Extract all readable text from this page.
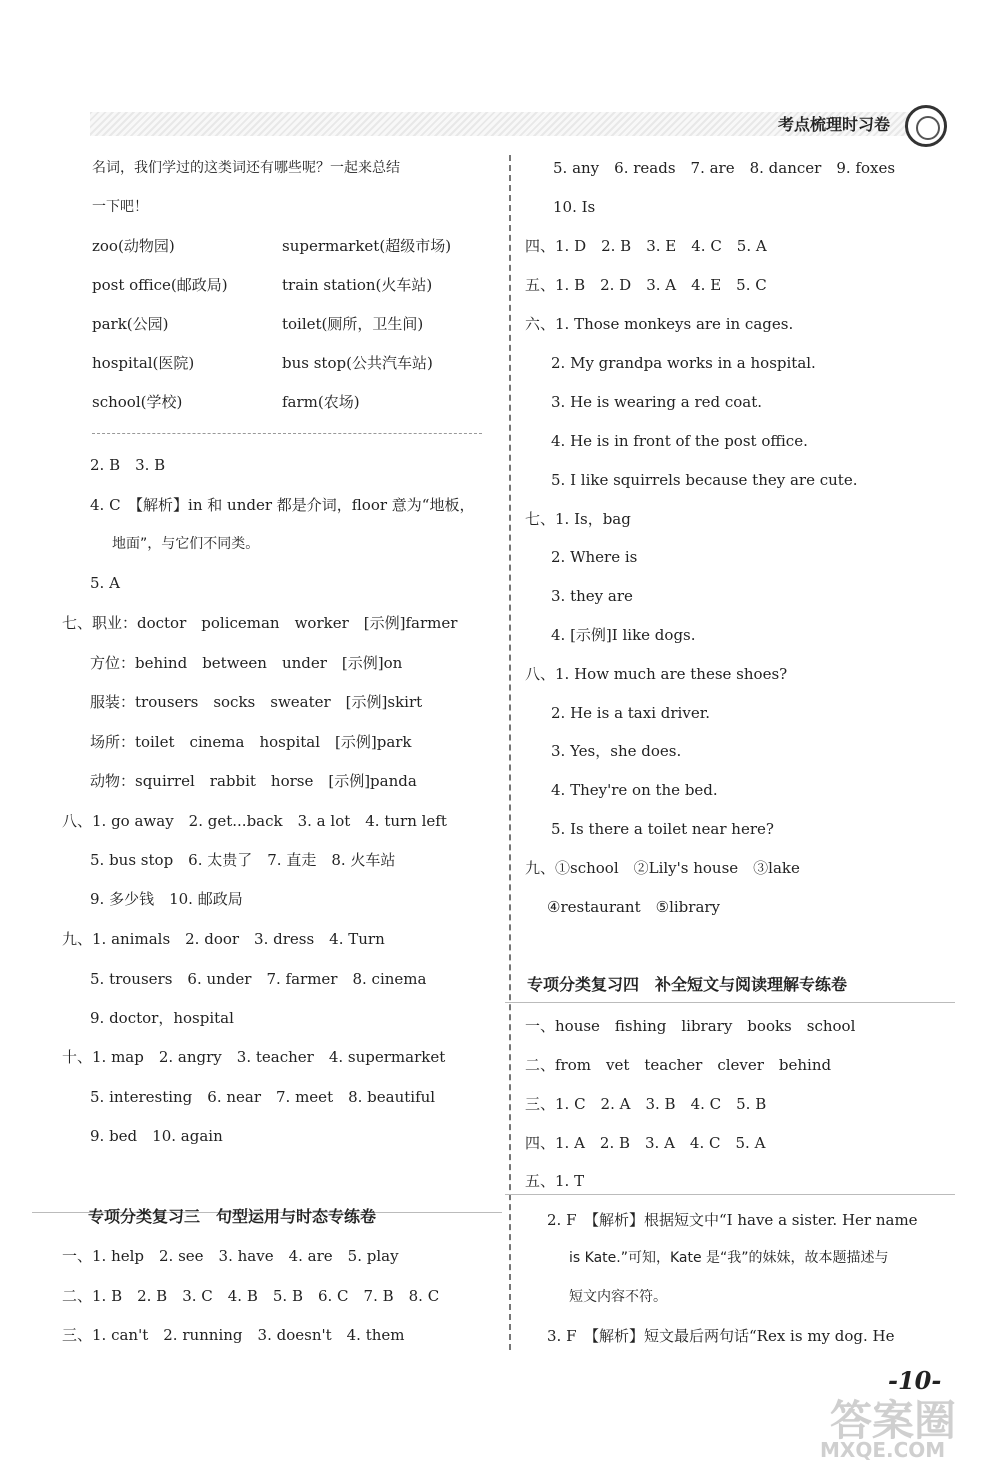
考点梳理时习卷
名词，我们学过的这类词还有哪些呢？一起来总结
一下吧！
zoo(动物园)	supermarket(超级市场)
post office(邮政局)	train station(火车站)
park(公园)	toilet(厕所，卫生间)
hospital(医院)	bus stop(公共汽车站)
school(学校)	farm(农场)
2. B　3. B
4. C　【解析】in 和 under 都是介词，floor 意为“地板，
地面”，与它们不同类。
5. A
七、职业：doctor　policeman　worker　[示例]farmer
方位：behind　between　under　[示例]on
服装：trousers　socks　sweater　[示例]skirt
场所：toilet　cinema　hospital　[示例]park
动物：squirrel　rabbit　horse　[示例]panda
八、1. go away　2. get...back　3. a lot　4. turn left
5. bus stop　6. 太贵了　7. 直走　8. 火车站
9. 多少钱　10. 邮政局
九、1. animals　2. door　3. dress　4. Turn
5. trousers　6. under　7. farmer　8. cinema
9. doctor，hospital
十、1. map　2. angry　3. teacher　4. supermarket
5. interesting　6. near　7. meet　8. beautiful
9. bed　10. again
专项分类复习三　句型运用与时态专练卷
一、1. help　2. see　3. have　4. are　5. play
二、1. B　2. B　3. C　4. B　5. B　6. C　7. B　8. C
三、1. can't　2. running　3. doesn't　4. them
5. any　6. reads　7. are　8. dancer　9. foxes
10. Is
四、1. D　2. B　3. E　4. C　5. A
五、1. B　2. D　3. A　4. E　5. C
六、1. Those monkeys are in cages.
2. My grandpa works in a hospital.
3. He is wearing a red coat.
4. He is in front of the post office.
5. I like squirrels because they are cute.
七、1. Is，bag
2. Where is
3. they are
4. [示例]I like dogs.
八、1. How much are these shoes?
2. He is a taxi driver.
3. Yes，she does.
4. They're on the bed.
5. Is there a toilet near here?
九、①school　②Lily's house　③lake
④restaurant　⑤library
专项分类复习四　补全短文与阅读理解专练卷
一、house　fishing　library　books　school
二、from　vet　teacher　clever　behind
三、1. C　2. A　3. B　4. C　5. B
四、1. A　2. B　3. A　4. C　5. A
五、1. T
2. F　【解析】根据短文中“I have a sister. Her name
is Kate.”可知，Kate 是“我”的妹妹，故本题描述与
短文内容不符。
3. F　【解析】短文最后两句话“Rex is my dog. He
-10-
答案圈
MXQE.COM
